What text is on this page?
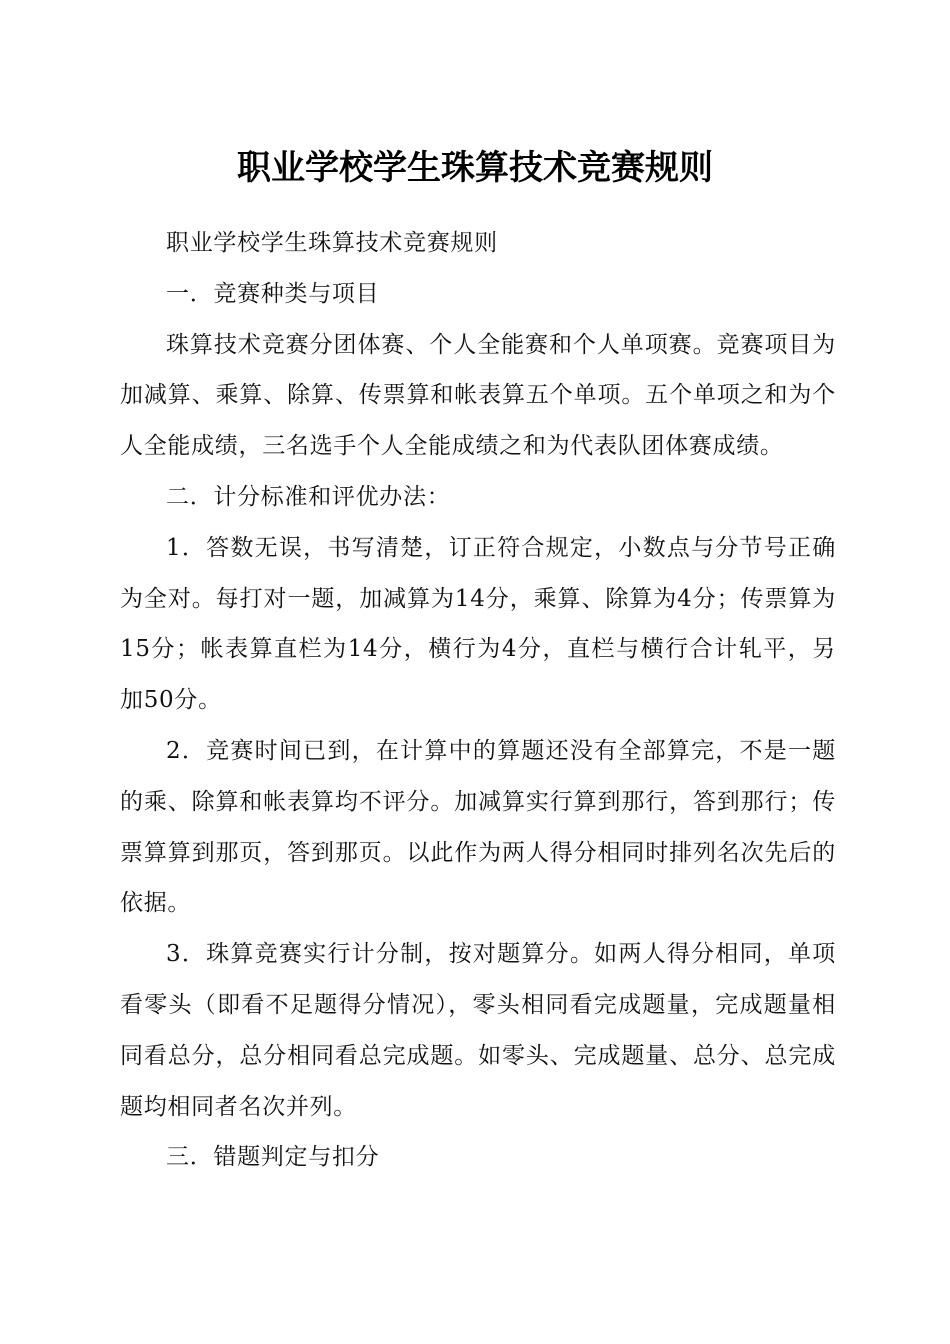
职业学校学生珠算技术竞赛规则

职业学校学生珠算技术竞赛规则

一．竞赛种类与项目

珠算技术竞赛分团体赛、个人全能赛和个人单项赛。竞赛项目为加减算、乘算、除算、传票算和帐表算五个单项。五个单项之和为个人全能成绩，三名选手个人全能成绩之和为代表队团体赛成绩。

二．计分标准和评优办法：

1．答数无误，书写清楚，订正符合规定，小数点与分节号正确为全对。每打对一题，加减算为14分，乘算、除算为4分；传票算为15分；帐表算直栏为14分，横行为4分，直栏与横行合计轧平，另加50分。

2．竞赛时间已到，在计算中的算题还没有全部算完，不是一题的乘、除算和帐表算均不评分。加减算实行算到那行，答到那行；传票算算到那页，答到那页。以此作为两人得分相同时排列名次先后的依据。

3．珠算竞赛实行计分制，按对题算分。如两人得分相同，单项看零头（即看不足题得分情况），零头相同看完成题量，完成题量相同看总分，总分相同看总完成题。如零头、完成题量、总分、总完成题均相同者名次并列。

三．错题判定与扣分
